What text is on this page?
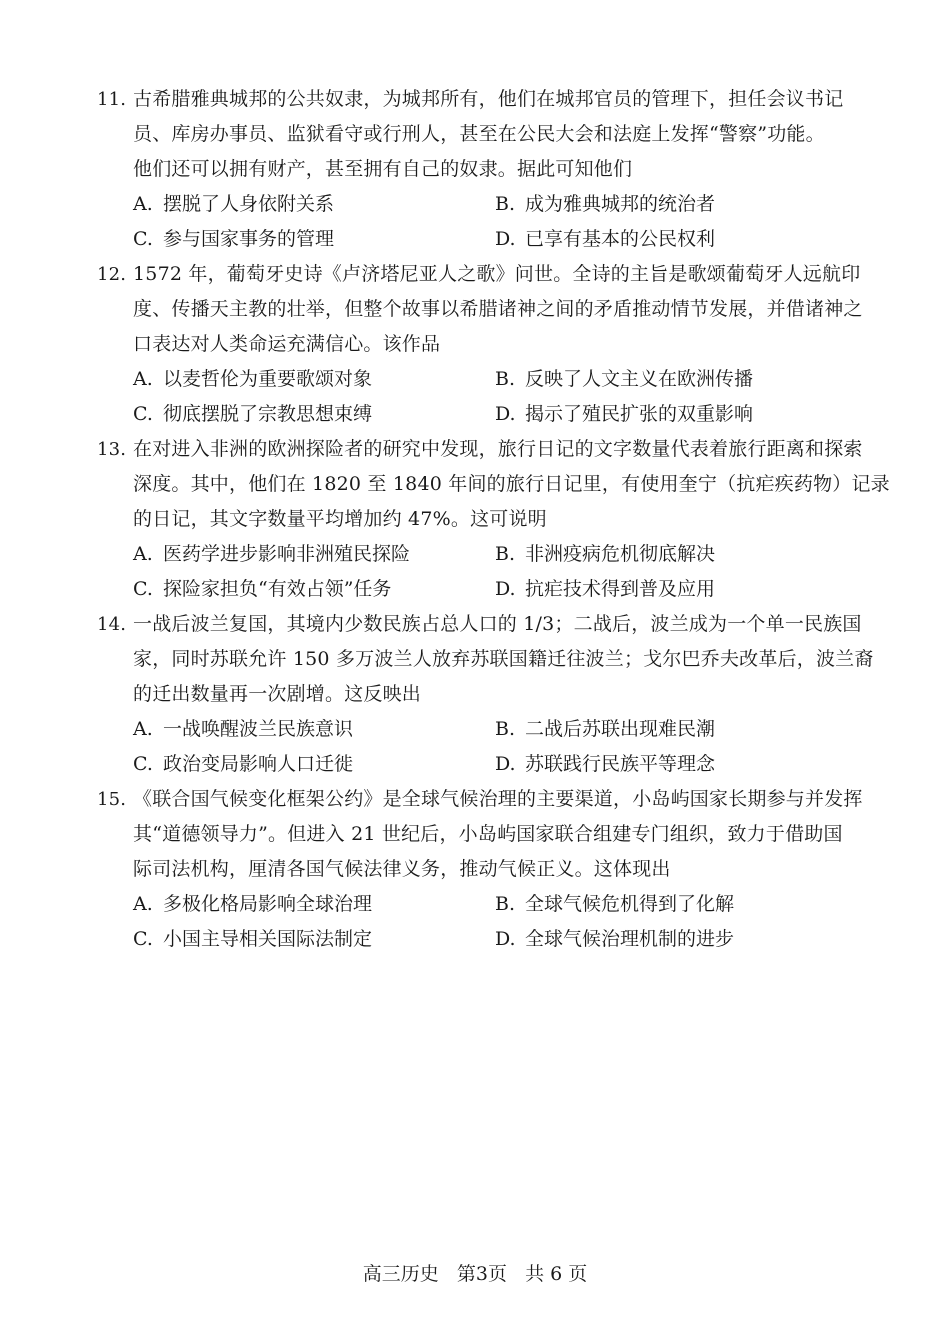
11. 古希腊雅典城邦的公共奴隶，为城邦所有，他们在城邦官员的管理下，担任会议书记
员、库房办事员、监狱看守或行刑人，甚至在公民大会和法庭上发挥“警察”功能。
他们还可以拥有财产，甚至拥有自己的奴隶。据此可知他们
A. 摆脱了人身依附关系	B. 成为雅典城邦的统治者
C. 参与国家事务的管理	D. 已享有基本的公民权利
12. 1572 年，葡萄牙史诗《卢济塔尼亚人之歌》问世。全诗的主旨是歌颂葡萄牙人远航印
度、传播天主教的壮举，但整个故事以希腊诸神之间的矛盾推动情节发展，并借诸神之
口表达对人类命运充满信心。该作品
A. 以麦哲伦为重要歌颂对象	B. 反映了人文主义在欧洲传播
C. 彻底摆脱了宗教思想束缚	D. 揭示了殖民扩张的双重影响
13. 在对进入非洲的欧洲探险者的研究中发现，旅行日记的文字数量代表着旅行距离和探索
深度。其中，他们在 1820 至 1840 年间的旅行日记里，有使用奎宁（抗疟疾药物）记录
的日记，其文字数量平均增加约 47%。这可说明
A. 医药学进步影响非洲殖民探险	B. 非洲疫病危机彻底解决
C. 探险家担负“有效占领”任务	D. 抗疟技术得到普及应用
14. 一战后波兰复国，其境内少数民族占总人口的 1/3；二战后，波兰成为一个单一民族国
家，同时苏联允许 150 多万波兰人放弃苏联国籍迁往波兰；戈尔巴乔夫改革后，波兰裔
的迁出数量再一次剧增。这反映出
A. 一战唤醒波兰民族意识	B. 二战后苏联出现难民潮
C. 政治变局影响人口迁徙	D. 苏联践行民族平等理念
15. 《联合国气候变化框架公约》是全球气候治理的主要渠道，小岛屿国家长期参与并发挥
其“道德领导力”。但进入 21 世纪后，小岛屿国家联合组建专门组织，致力于借助国
际司法机构，厘清各国气候法律义务，推动气候正义。这体现出
A. 多极化格局影响全球治理	B. 全球气候危机得到了化解
C. 小国主导相关国际法制定	D. 全球气候治理机制的进步
高三历史   第3页   共 6 页
